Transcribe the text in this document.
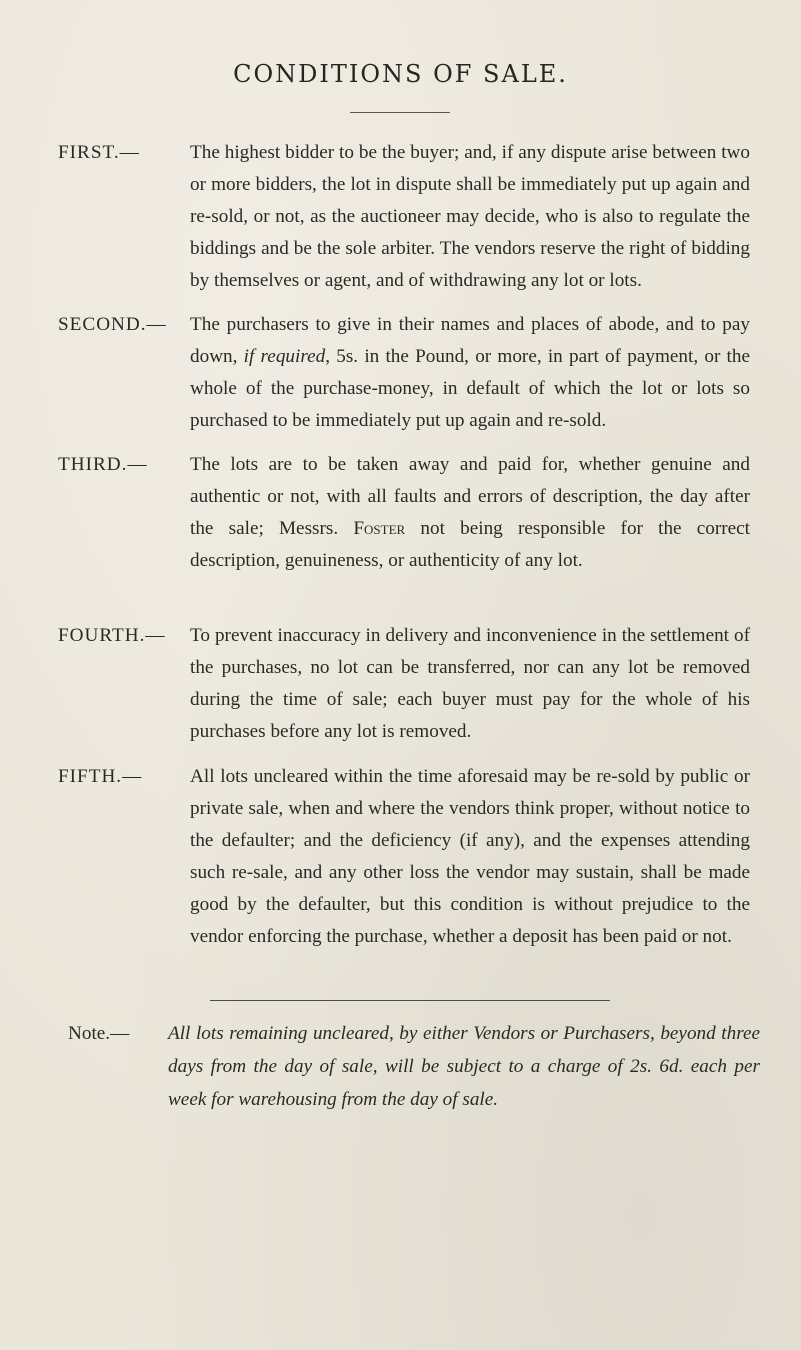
CONDITIONS OF SALE.
FIRST.—	The highest bidder to be the buyer; and, if any dispute arise between two or more bidders, the lot in dispute shall be immediately put up again and re-sold, or not, as the auctioneer may decide, who is also to regulate the biddings and be the sole arbiter. The vendors reserve the right of bidding by themselves or agent, and of withdrawing any lot or lots.
SECOND.— The purchasers to give in their names and places of abode, and to pay down, if required, 5s. in the Pound, or more, in part of payment, or the whole of the purchase-money, in default of which the lot or lots so purchased to be immediately put up again and re-sold.
THIRD.— The lots are to be taken away and paid for, whether genuine and authentic or not, with all faults and errors of description, the day after the sale; Messrs. Foster not being responsible for the correct description, genuineness, or authenticity of any lot.
FOURTH.— To prevent inaccuracy in delivery and inconvenience in the settlement of the purchases, no lot can be transferred, nor can any lot be removed during the time of sale; each buyer must pay for the whole of his purchases before any lot is removed.
FIFTH.— All lots uncleared within the time aforesaid may be re-sold by public or private sale, when and where the vendors think proper, without notice to the defaulter; and the deficiency (if any), and the expenses attending such re-sale, and any other loss the vendor may sustain, shall be made good by the defaulter, but this condition is without prejudice to the vendor enforcing the purchase, whether a deposit has been paid or not.
Note.— All lots remaining uncleared, by either Vendors or Purchasers, beyond three days from the day of sale, will be subject to a charge of 2s. 6d. each per week for warehousing from the day of sale.
